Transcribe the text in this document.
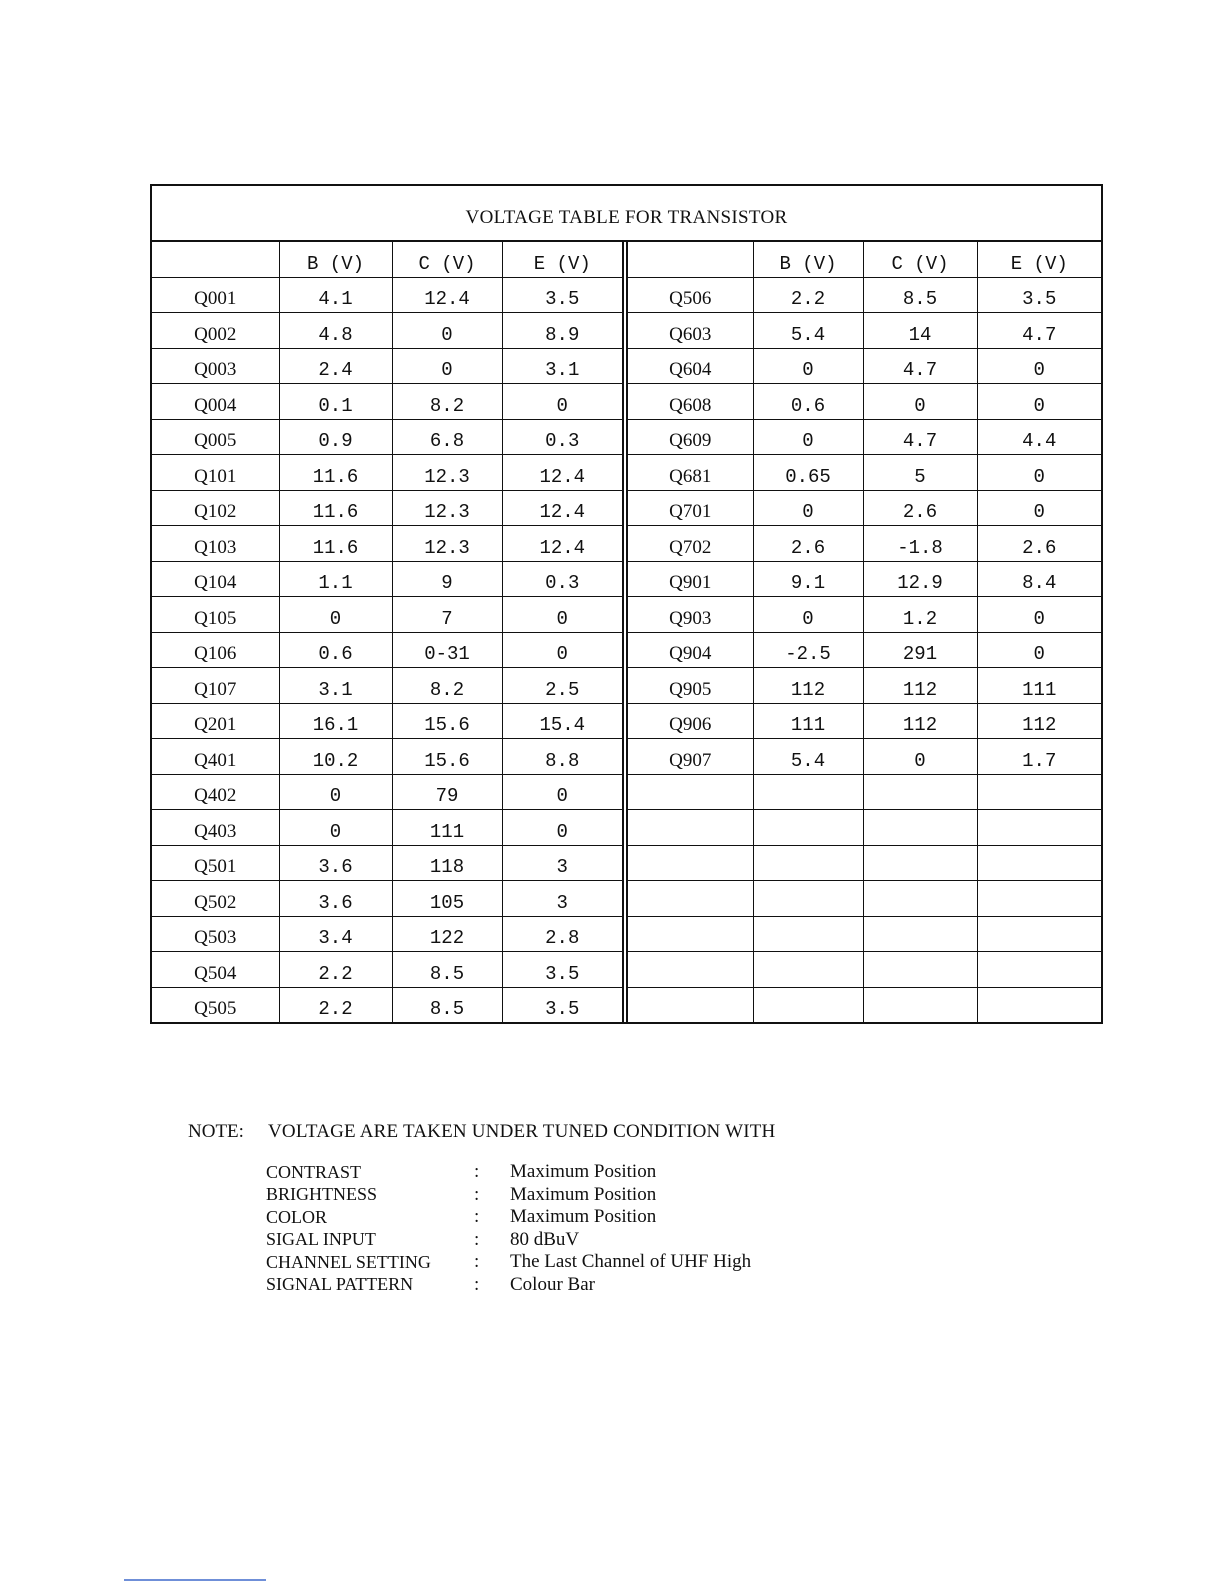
VOLTAGE TABLE FOR TRANSISTOR
	B (V)	C (V)	E (V)
Q001	4.1	12.4	3.5
Q002	4.8	0	8.9
Q003	2.4	0	3.1
Q004	0.1	8.2	0
Q005	0.9	6.8	0.3
Q101	11.6	12.3	12.4
Q102	11.6	12.3	12.4
Q103	11.6	12.3	12.4
Q104	1.1	9	0.3
Q105	0	7	0
Q106	0.6	0-31	0
Q107	3.1	8.2	2.5
Q201	16.1	15.6	15.4
Q401	10.2	15.6	8.8
Q402	0	79	0
Q403	0	111	0
Q501	3.6	118	3
Q502	3.6	105	3
Q503	3.4	122	2.8
Q504	2.2	8.5	3.5
Q505	2.2	8.5	3.5
	B (V)	C (V)	E (V)
Q506	2.2	8.5	3.5
Q603	5.4	14	4.7
Q604	0	4.7	0
Q608	0.6	0	0
Q609	0	4.7	4.4
Q681	0.65	5	0
Q701	0	2.6	0
Q702	2.6	-1.8	2.6
Q901	9.1	12.9	8.4
Q903	0	1.2	0
Q904	-2.5	291	0
Q905	112	112	111
Q906	111	112	112
Q907	5.4	0	1.7

NOTE:	VOLTAGE ARE TAKEN UNDER TUNED CONDITION WITH
CONTRAST	:	Maximum Position
BRIGHTNESS	:	Maximum Position
COLOR	:	Maximum Position
SIGAL INPUT	:	80 dBuV
CHANNEL SETTING	:	The Last Channel of UHF High
SIGNAL PATTERN	:	Colour Bar
